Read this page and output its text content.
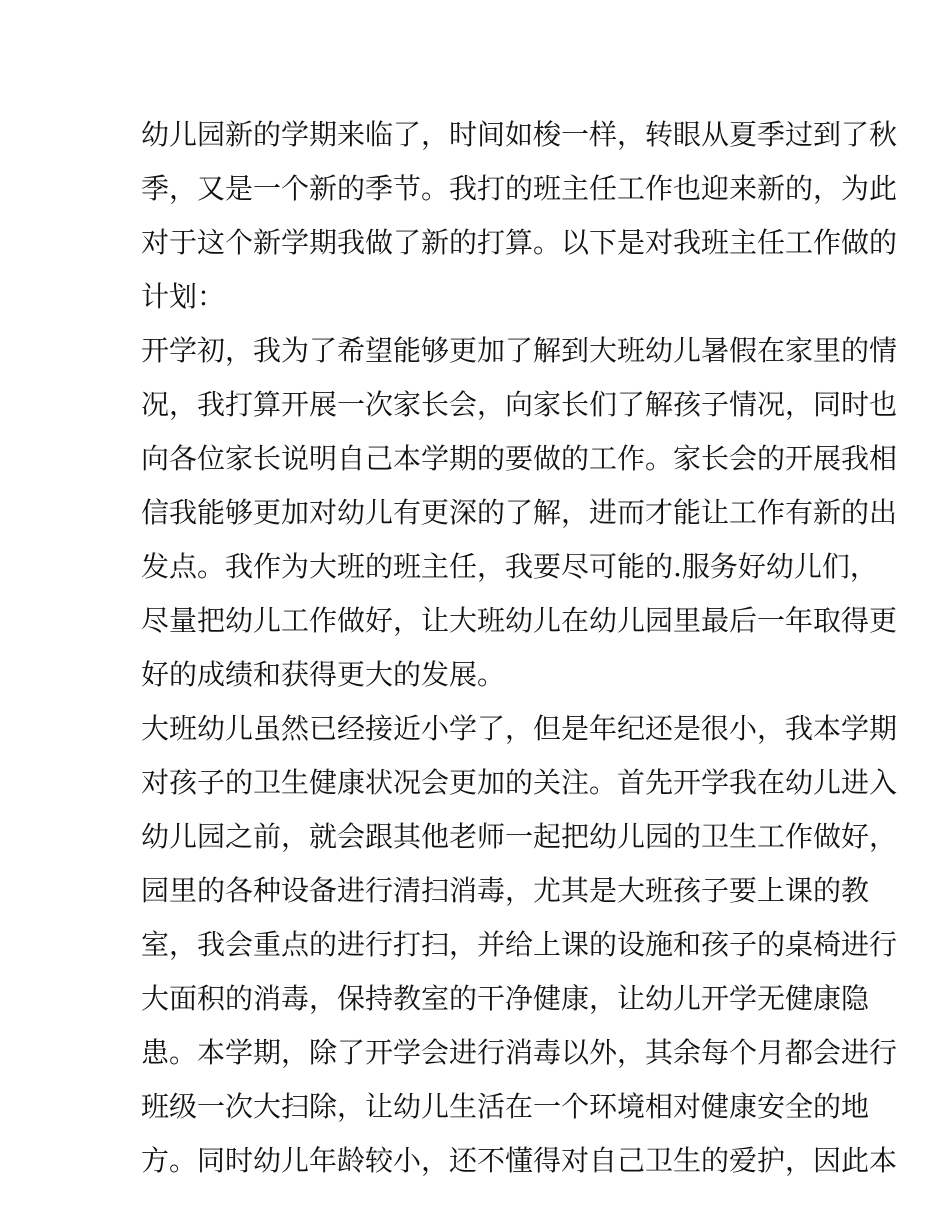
幼儿园新的学期来临了，时间如梭一样，转眼从夏季过到了秋
季，又是一个新的季节。我打的班主任工作也迎来新的，为此
对于这个新学期我做了新的打算。以下是对我班主任工作做的
计划：
开学初，我为了希望能够更加了解到大班幼儿暑假在家里的情
况，我打算开展一次家长会，向家长们了解孩子情况，同时也
向各位家长说明自己本学期的要做的工作。家长会的开展我相
信我能够更加对幼儿有更深的了解，进而才能让工作有新的出
发点。我作为大班的班主任，我要尽可能的.服务好幼儿们，
尽量把幼儿工作做好，让大班幼儿在幼儿园里最后一年取得更
好的成绩和获得更大的发展。
大班幼儿虽然已经接近小学了，但是年纪还是很小，我本学期
对孩子的卫生健康状况会更加的关注。首先开学我在幼儿进入
幼儿园之前，就会跟其他老师一起把幼儿园的卫生工作做好，
园里的各种设备进行清扫消毒，尤其是大班孩子要上课的教
室，我会重点的进行打扫，并给上课的设施和孩子的桌椅进行
大面积的消毒，保持教室的干净健康，让幼儿开学无健康隐
患。本学期，除了开学会进行消毒以外，其余每个月都会进行
班级一次大扫除，让幼儿生活在一个环境相对健康安全的地
方。同时幼儿年龄较小，还不懂得对自己卫生的爱护，因此本
